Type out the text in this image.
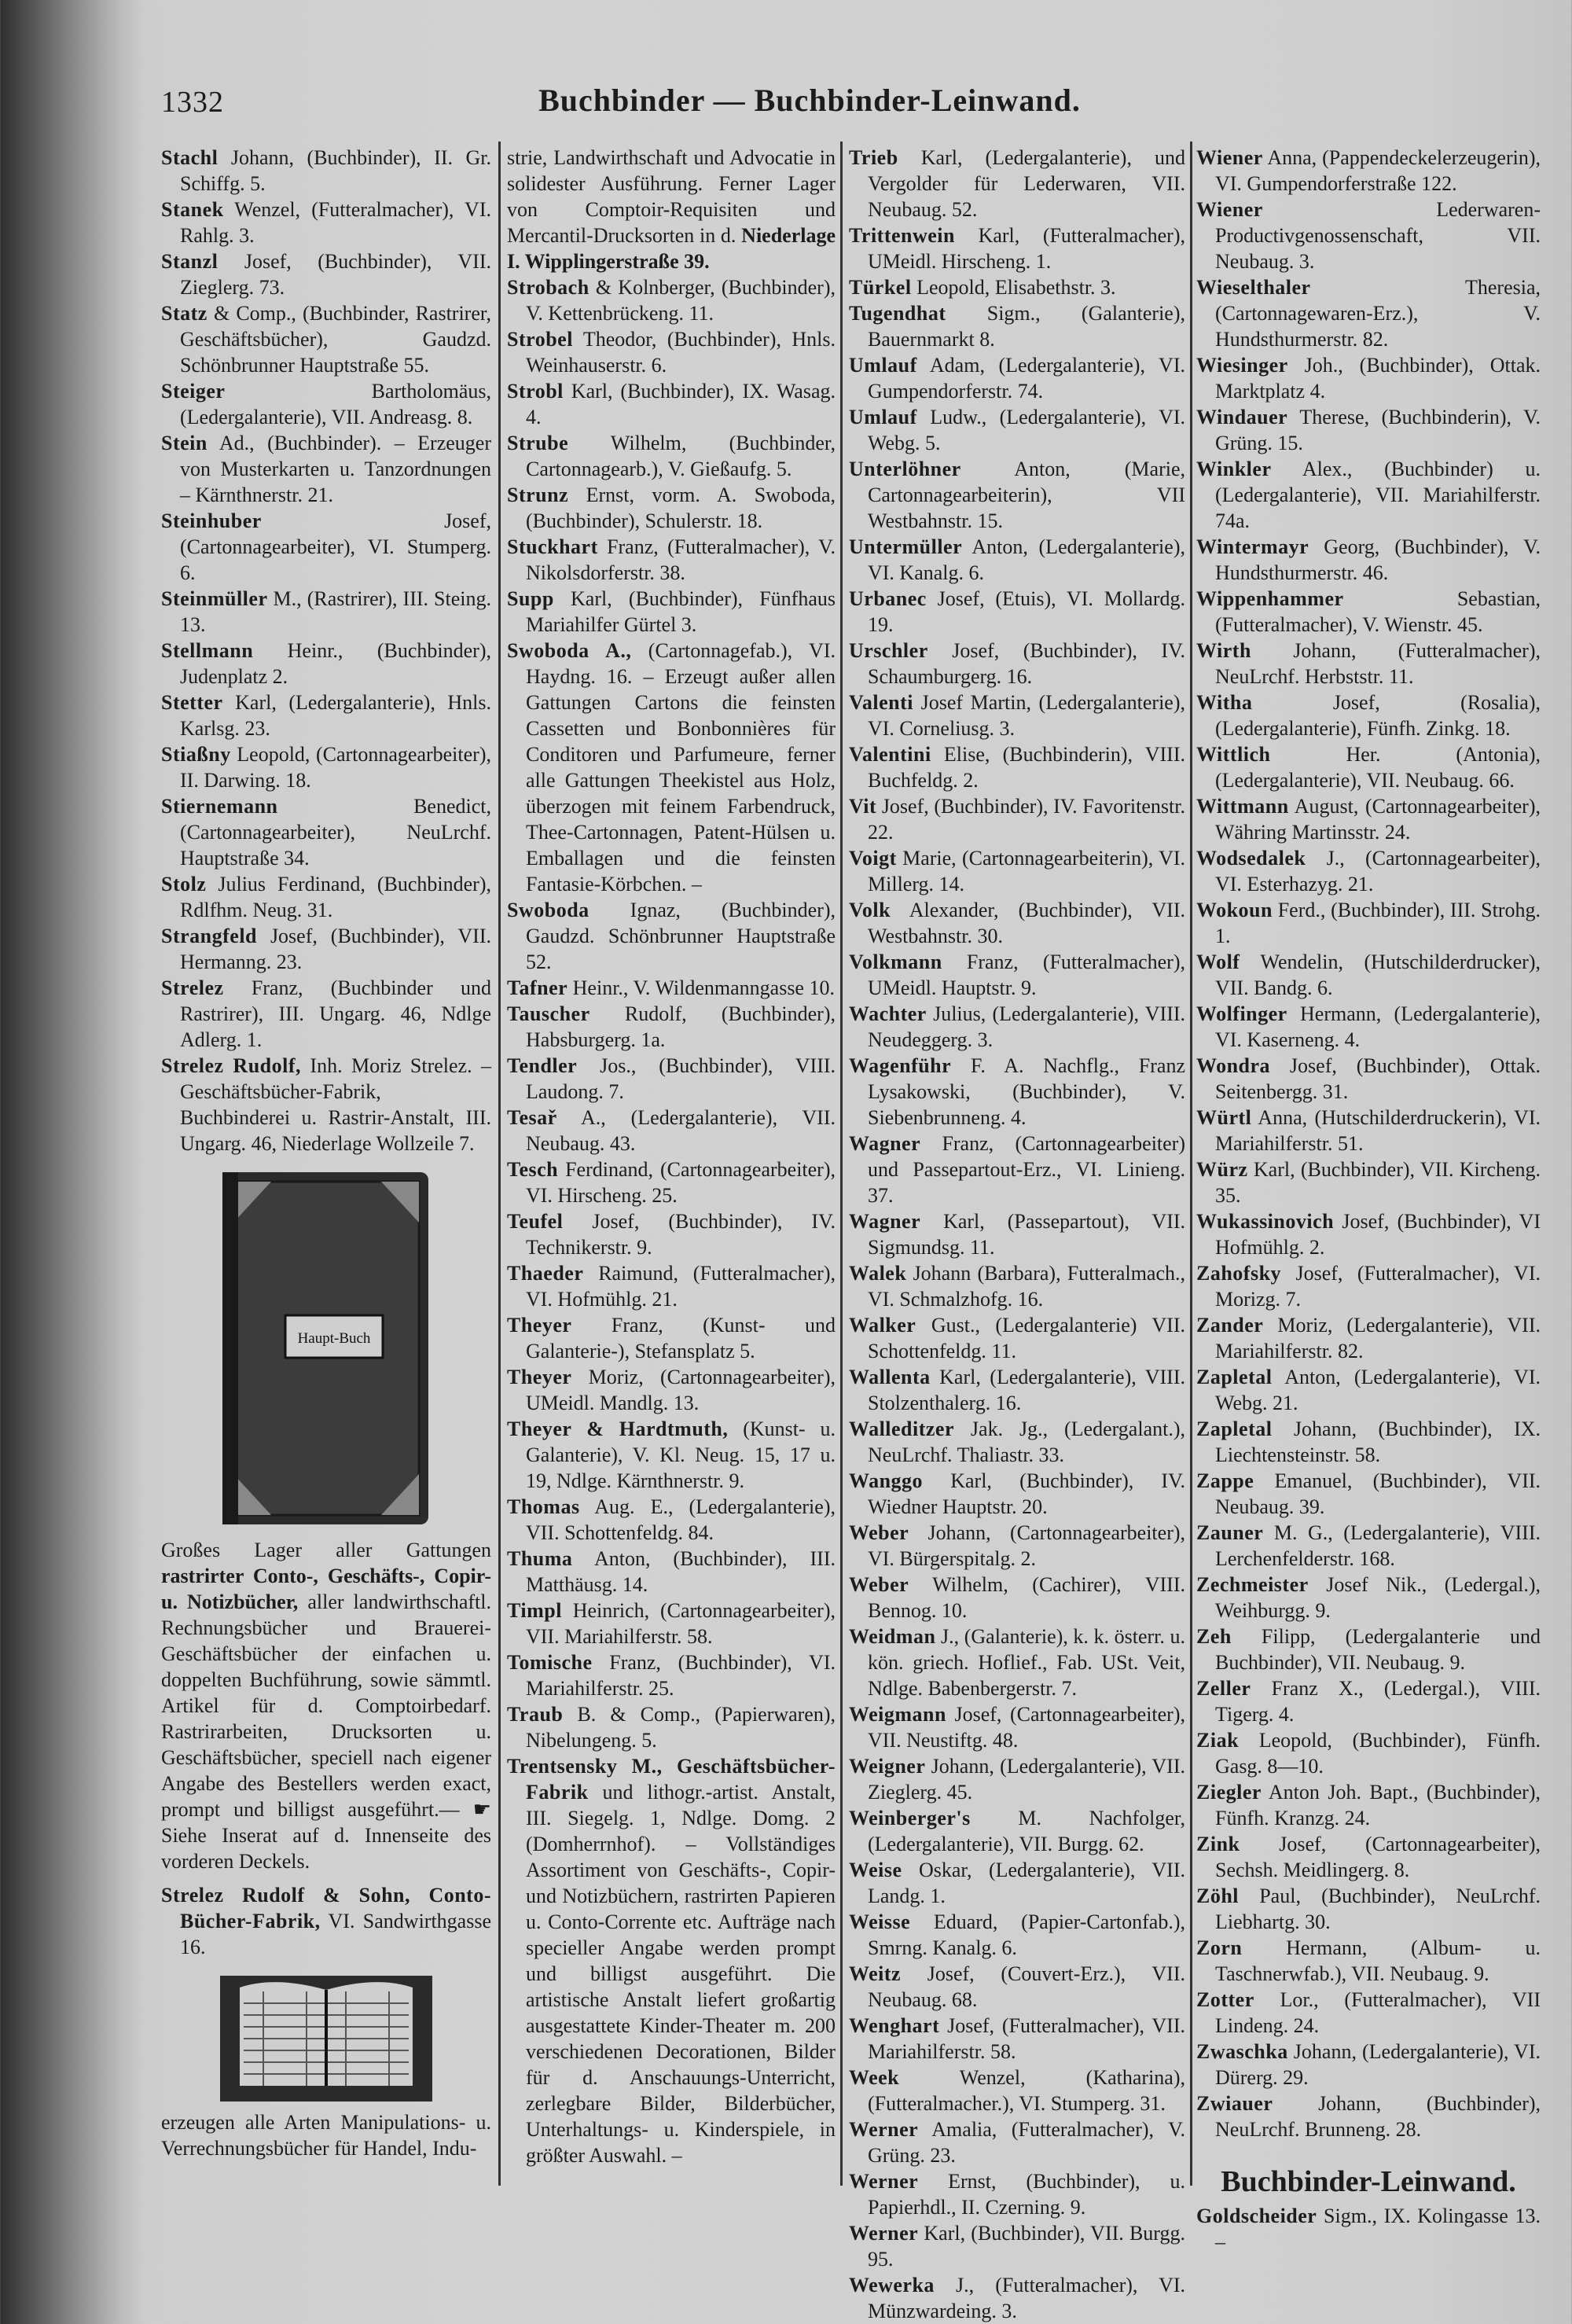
1332	Buchbinder — Buchbinder-Leinwand.
Stachl Johann, (Buchbinder), II. Gr. Schiffg. 5.
Stanek Wenzel, (Futteralmacher), VI. Rahlg. 3.
Stanzl Josef, (Buchbinder), VII. Zieglerg. 73.
Statz & Comp., (Buchbinder, Rastrirer, Geschäftsbücher), Gaudzd. Schönbrunner Hauptstraße 55.
Steiger	Bartholomäus, (Ledergalanterie), VII. Andreasg. 8.
Stein Ad., (Buchbinder). – Erzeuger von Musterkarten u. Tanzordnungen – Kärnthnerstr. 21.
Steinhuber	Josef, (Cartonnagearbeiter), VI. Stumperg. 6.
Steinmüller M., (Rastrirer), III. Steing. 13.
Stellmann Heinr., (Buchbinder), Judenplatz 2.
Stetter Karl, (Ledergalanterie), Hnls. Karlsg. 23.
Stiaßny Leopold, (Cartonnagearbeiter), II. Darwing. 18.
Stiernemann	Benedict, (Cartonnagearbeiter), NeuLrchf. Hauptstraße 34.
Stolz Julius Ferdinand, (Buchbinder), Rdlfhm. Neug. 31.
Strangfeld Josef, (Buchbinder), VII. Hermanng. 23.
Strelez Franz, (Buchbinder und Rastrirer), III. Ungarg. 46, Ndlge Adlerg. 1.
Strelez Rudolf, Inh. Moriz Strelez. – Geschäftsbücher-Fabrik, Buchbinderei u. Rastrir-Anstalt, III. Ungarg. 46, Niederlage Wollzeile 7.
Haupt-Buch
Großes Lager aller Gattungen rastrirter Conto-, Geschäfts-, Copir- u. Notizbücher, aller landwirthschaftl. Rechnungsbücher und Brauerei-Geschäftsbücher der einfachen u. doppelten Buchführung, sowie sämmtl. Artikel für d. Comptoirbedarf. Rastrirarbeiten, Drucksorten u. Geschäftsbücher, speciell nach eigener Angabe des Bestellers werden exact, prompt und billigst ausgeführt.— ☛ Siehe Inserat auf d. Innenseite des vorderen Deckels.
Strelez Rudolf & Sohn, Conto-Bücher-Fabrik, VI. Sandwirthgasse 16.
erzeugen alle Arten Manipulations- u. Verrechnungsbücher für Handel, Indu-
strie, Landwirthschaft und Advocatie in solidester Ausführung. Ferner Lager von Comptoir-Requisiten und Mercantil-Drucksorten in d. Niederlage I. Wipplingerstraße 39.
Strobach & Kolnberger, (Buchbinder), V. Kettenbrückeng. 11.
Strobel Theodor, (Buchbinder), Hnls. Weinhauserstr. 6.
Strobl Karl, (Buchbinder), IX. Wasag. 4.
Strube Wilhelm, (Buchbinder, Cartonnagearb.), V. Gießaufg. 5.
Strunz Ernst, vorm. A. Swoboda, (Buchbinder), Schulerstr. 18.
Stuckhart Franz, (Futteralmacher), V. Nikolsdorferstr. 38.
Supp Karl, (Buchbinder), Fünfhaus Mariahilfer Gürtel 3.
Swoboda A., (Cartonnagefab.), VI. Haydng. 16. – Erzeugt außer allen Gattungen Cartons die feinsten Cassetten und Bonbonnières für Conditoren und Parfumeure, ferner alle Gattungen Theekistel aus Holz, überzogen mit feinem Farbendruck, Thee-Cartonnagen, Patent-Hülsen u. Emballagen und die feinsten Fantasie-Körbchen. –
Swoboda Ignaz, (Buchbinder), Gaudzd. Schönbrunner Hauptstraße 52.
Tafner Heinr., V. Wildenmanngasse 10.
Tauscher Rudolf, (Buchbinder), Habsburgerg. 1a.
Tendler Jos., (Buchbinder), VIII. Laudong. 7.
Tesař A., (Ledergalanterie), VII. Neubaug. 43.
Tesch Ferdinand, (Cartonnagearbeiter), VI. Hirscheng. 25.
Teufel Josef, (Buchbinder), IV. Technikerstr. 9.
Thaeder Raimund, (Futteralmacher), VI. Hofmühlg. 21.
Theyer Franz, (Kunst- und Galanterie-), Stefansplatz 5.
Theyer Moriz, (Cartonnagearbeiter), UMeidl. Mandlg. 13.
Theyer & Hardtmuth, (Kunst- u. Galanterie), V. Kl. Neug. 15, 17 u. 19, Ndlge. Kärnthnerstr. 9.
Thomas Aug. E., (Ledergalanterie), VII. Schottenfeldg. 84.
Thuma Anton, (Buchbinder), III. Matthäusg. 14.
Timpl Heinrich, (Cartonnagearbeiter), VII. Mariahilferstr. 58.
Tomische Franz, (Buchbinder), VI. Mariahilferstr. 25.
Traub B. & Comp., (Papierwaren), Nibelungeng. 5.
Trentsensky M., Geschäftsbücher-Fabrik und lithogr.-artist. Anstalt, III. Siegelg. 1, Ndlge. Domg. 2 (Domherrnhof). – Vollständiges Assortiment von Geschäfts-, Copir- und Notizbüchern, rastrirten Papieren u. Conto-Corrente etc. Aufträge nach specieller Angabe werden prompt und billigst ausgeführt. Die artistische Anstalt liefert großartig ausgestattete Kinder-Theater m. 200 verschiedenen Decorationen, Bilder für d. Anschauungs-Unterricht, zerlegbare Bilder, Bilderbücher, Unterhaltungs- u. Kinderspiele, in größter Auswahl. –
Trieb Karl, (Ledergalanterie), und Vergolder für Lederwaren, VII. Neubaug. 52.
Trittenwein Karl, (Futteralmacher), UMeidl. Hirscheng. 1.
Türkel Leopold, Elisabethstr. 3.
Tugendhat Sigm., (Galanterie), Bauernmarkt 8.
Umlauf Adam, (Ledergalanterie), VI. Gumpendorferstr. 74.
Umlauf Ludw., (Ledergalanterie), VI. Webg. 5.
Unterlöhner	Anton, (Marie, Cartonnagearbeiterin), VII Westbahnstr. 15.
Untermüller Anton, (Ledergalanterie), VI. Kanalg. 6.
Urbanec Josef, (Etuis), VI. Mollardg. 19.
Urschler Josef, (Buchbinder), IV. Schaumburgerg. 16.
Valenti Josef Martin, (Ledergalanterie), VI. Corneliusg. 3.
Valentini Elise, (Buchbinderin), VIII. Buchfeldg. 2.
Vit Josef, (Buchbinder), IV. Favoritenstr. 22.
Voigt Marie, (Cartonnagearbeiterin), VI. Millerg. 14.
Volk Alexander, (Buchbinder), VII. Westbahnstr. 30.
Volkmann Franz, (Futteralmacher), UMeidl. Hauptstr. 9.
Wachter Julius, (Ledergalanterie), VIII. Neudeggerg. 3.
Wagenführ F. A. Nachflg., Franz Lysakowski, (Buchbinder), V. Siebenbrunneng. 4.
Wagner Franz, (Cartonnagearbeiter) und Passepartout-Erz., VI. Linieng. 37.
Wagner Karl, (Passepartout), VII. Sigmundsg. 11.
Walek Johann (Barbara), Futteralmach., VI. Schmalzhofg. 16.
Walker Gust., (Ledergalanterie) VII. Schottenfeldg. 11.
Wallenta Karl, (Ledergalanterie), VIII. Stolzenthalerg. 16.
Walleditzer Jak. Jg., (Ledergalant.), NeuLrchf. Thaliastr. 33.
Wanggo Karl, (Buchbinder), IV. Wiedner Hauptstr. 20.
Weber Johann, (Cartonnagearbeiter), VI. Bürgerspitalg. 2.
Weber Wilhelm, (Cachirer), VIII. Bennog. 10.
Weidman J., (Galanterie), k. k. österr. u. kön. griech. Hoflief., Fab. USt. Veit, Ndlge. Babenbergerstr. 7.
Weigmann Josef, (Cartonnagearbeiter), VII. Neustiftg. 48.
Weigner Johann, (Ledergalanterie), VII. Zieglerg. 45.
Weinberger's M. Nachfolger, (Ledergalanterie), VII. Burgg. 62.
Weise Oskar, (Ledergalanterie), VII. Landg. 1.
Weisse Eduard, (Papier-Cartonfab.), Smrng. Kanalg. 6.
Weitz Josef, (Couvert-Erz.), VII. Neubaug. 68.
Wenghart Josef, (Futteralmacher), VII. Mariahilferstr. 58.
Week	Wenzel, (Katharina), (Futteralmacher.), VI. Stumperg. 31.
Werner Amalia, (Futteralmacher), V. Grüng. 23.
Werner Ernst, (Buchbinder), u. Papierhdl., II. Czerning. 9.
Werner Karl, (Buchbinder), VII. Burgg. 95.
Wewerka J., (Futteralmacher), VI. Münzwardeing. 3.
Wiener Anna, (Pappendeckelerzeugerin), VI. Gumpendorferstraße 122.
Wiener	Lederwaren-Productivgenossenschaft, VII. Neubaug. 3.
Wieselthaler	Theresia, (Cartonnagewaren-Erz.), V. Hundsthurmerstr. 82.
Wiesinger Joh., (Buchbinder), Ottak. Marktplatz 4.
Windauer Therese, (Buchbinderin), V. Grüng. 15.
Winkler Alex., (Buchbinder) u. (Ledergalanterie), VII. Mariahilferstr. 74a.
Wintermayr Georg, (Buchbinder), V. Hundsthurmerstr. 46.
Wippenhammer	Sebastian, (Futteralmacher), V. Wienstr. 45.
Wirth Johann, (Futteralmacher), NeuLrchf. Herbststr. 11.
Witha	Josef, (Rosalia), (Ledergalanterie), Fünfh. Zinkg. 18.
Wittlich	Her. (Antonia), (Ledergalanterie), VII. Neubaug. 66.
Wittmann August, (Cartonnagearbeiter), Währing Martinsstr. 24.
Wodsedalek J., (Cartonnagearbeiter), VI. Esterhazyg. 21.
Wokoun Ferd., (Buchbinder), III. Strohg. 1.
Wolf Wendelin, (Hutschilderdrucker), VII. Bandg. 6.
Wolfinger Hermann, (Ledergalanterie), VI. Kaserneng. 4.
Wondra Josef, (Buchbinder), Ottak. Seitenbergg. 31.
Würtl Anna, (Hutschilderdruckerin), VI. Mariahilferstr. 51.
Würz Karl, (Buchbinder), VII. Kircheng. 35.
Wukassinovich Josef, (Buchbinder), VI Hofmühlg. 2.
Zahofsky Josef, (Futteralmacher), VI. Morizg. 7.
Zander Moriz, (Ledergalanterie), VII. Mariahilferstr. 82.
Zapletal Anton, (Ledergalanterie), VI. Webg. 21.
Zapletal Johann, (Buchbinder), IX. Liechtensteinstr. 58.
Zappe Emanuel, (Buchbinder), VII. Neubaug. 39.
Zauner M. G., (Ledergalanterie), VIII. Lerchenfelderstr. 168.
Zechmeister Josef Nik., (Ledergal.), Weihburgg. 9.
Zeh Filipp, (Ledergalanterie und Buchbinder), VII. Neubaug. 9.
Zeller Franz X., (Ledergal.), VIII. Tigerg. 4.
Ziak Leopold, (Buchbinder), Fünfh. Gasg. 8—10.
Ziegler Anton Joh. Bapt., (Buchbinder), Fünfh. Kranzg. 24.
Zink Josef, (Cartonnagearbeiter), Sechsh. Meidlingerg. 8.
Zöhl Paul, (Buchbinder), NeuLrchf. Liebhartg. 30.
Zorn Hermann, (Album- u. Taschnerwfab.), VII. Neubaug. 9.
Zotter Lor., (Futteralmacher), VII Lindeng. 24.
Zwaschka Johann, (Ledergalanterie), VI. Dürerg. 29.
Zwiauer Johann, (Buchbinder), NeuLrchf. Brunneng. 28.
Buchbinder-Leinwand.
Goldscheider Sigm., IX. Kolingasse 13. –
